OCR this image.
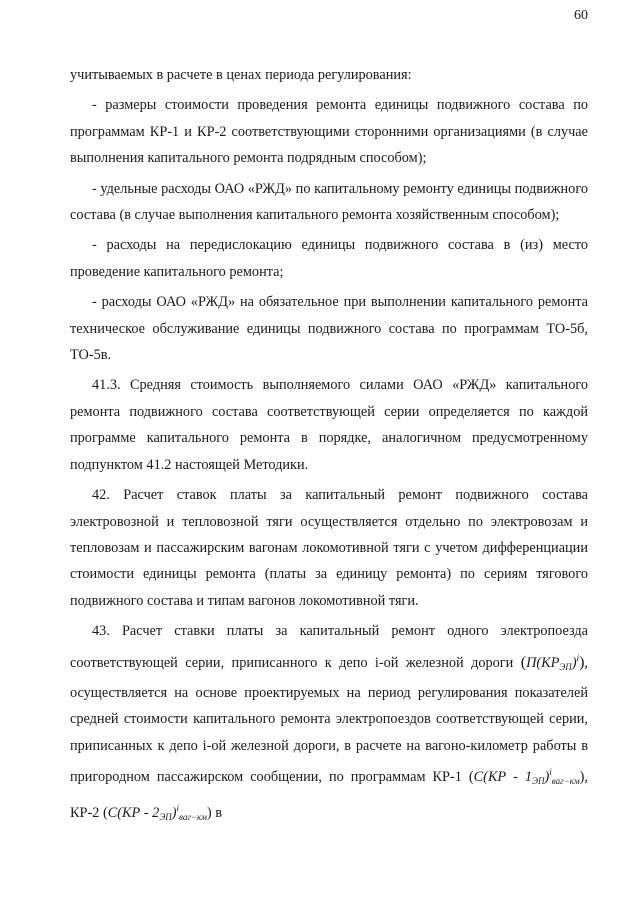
60

учитываемых в расчете в ценах периода регулирования:

- размеры стоимости проведения ремонта единицы подвижного состава по программам КР-1 и КР-2 соответствующими сторонними организациями (в случае выполнения капитального ремонта подрядным способом);

- удельные расходы ОАО «РЖД» по капитальному ремонту единицы подвижного состава (в случае выполнения капитального ремонта хозяйственным способом);

- расходы на передислокацию единицы подвижного состава в (из) место проведение капитального ремонта;

- расходы ОАО «РЖД» на обязательное при выполнении капитального ремонта техническое обслуживание единицы подвижного состава по программам ТО-5б, ТО-5в.

41.3. Средняя стоимость выполняемого силами ОАО «РЖД» капитального ремонта подвижного состава соответствующей серии определяется по каждой программе капитального ремонта в порядке, аналогичном предусмотренному подпунктом 41.2 настоящей Методики.

42. Расчет ставок платы за капитальный ремонт подвижного состава электровозной и тепловозной тяги осуществляется отдельно по электровозам и тепловозам и пассажирским вагонам локомотивной тяги с учетом дифференциации стоимости единицы ремонта (платы за единицу ремонта) по сериям тягового подвижного состава и типам вагонов локомотивной тяги.

43. Расчет ставки платы за капитальный ремонт одного электропоезда соответствующей серии, приписанного к депо i-ой железной дороги $(П(КР_{ЭП})^i)$, осуществляется на основе проектируемых на период регулирования показателей средней стоимости капитального ремонта электропоездов соответствующей серии, приписанных к депо i-ой железной дороги, в расчете на вагоно-километр работы в пригородном пассажирском сообщении, по программам КР-1 $(С(КР - 1_{ЭП})^i_{ваг-км})$, КР-2 $(С(КР - 2_{ЭП})^i_{ваг-км})$ в
